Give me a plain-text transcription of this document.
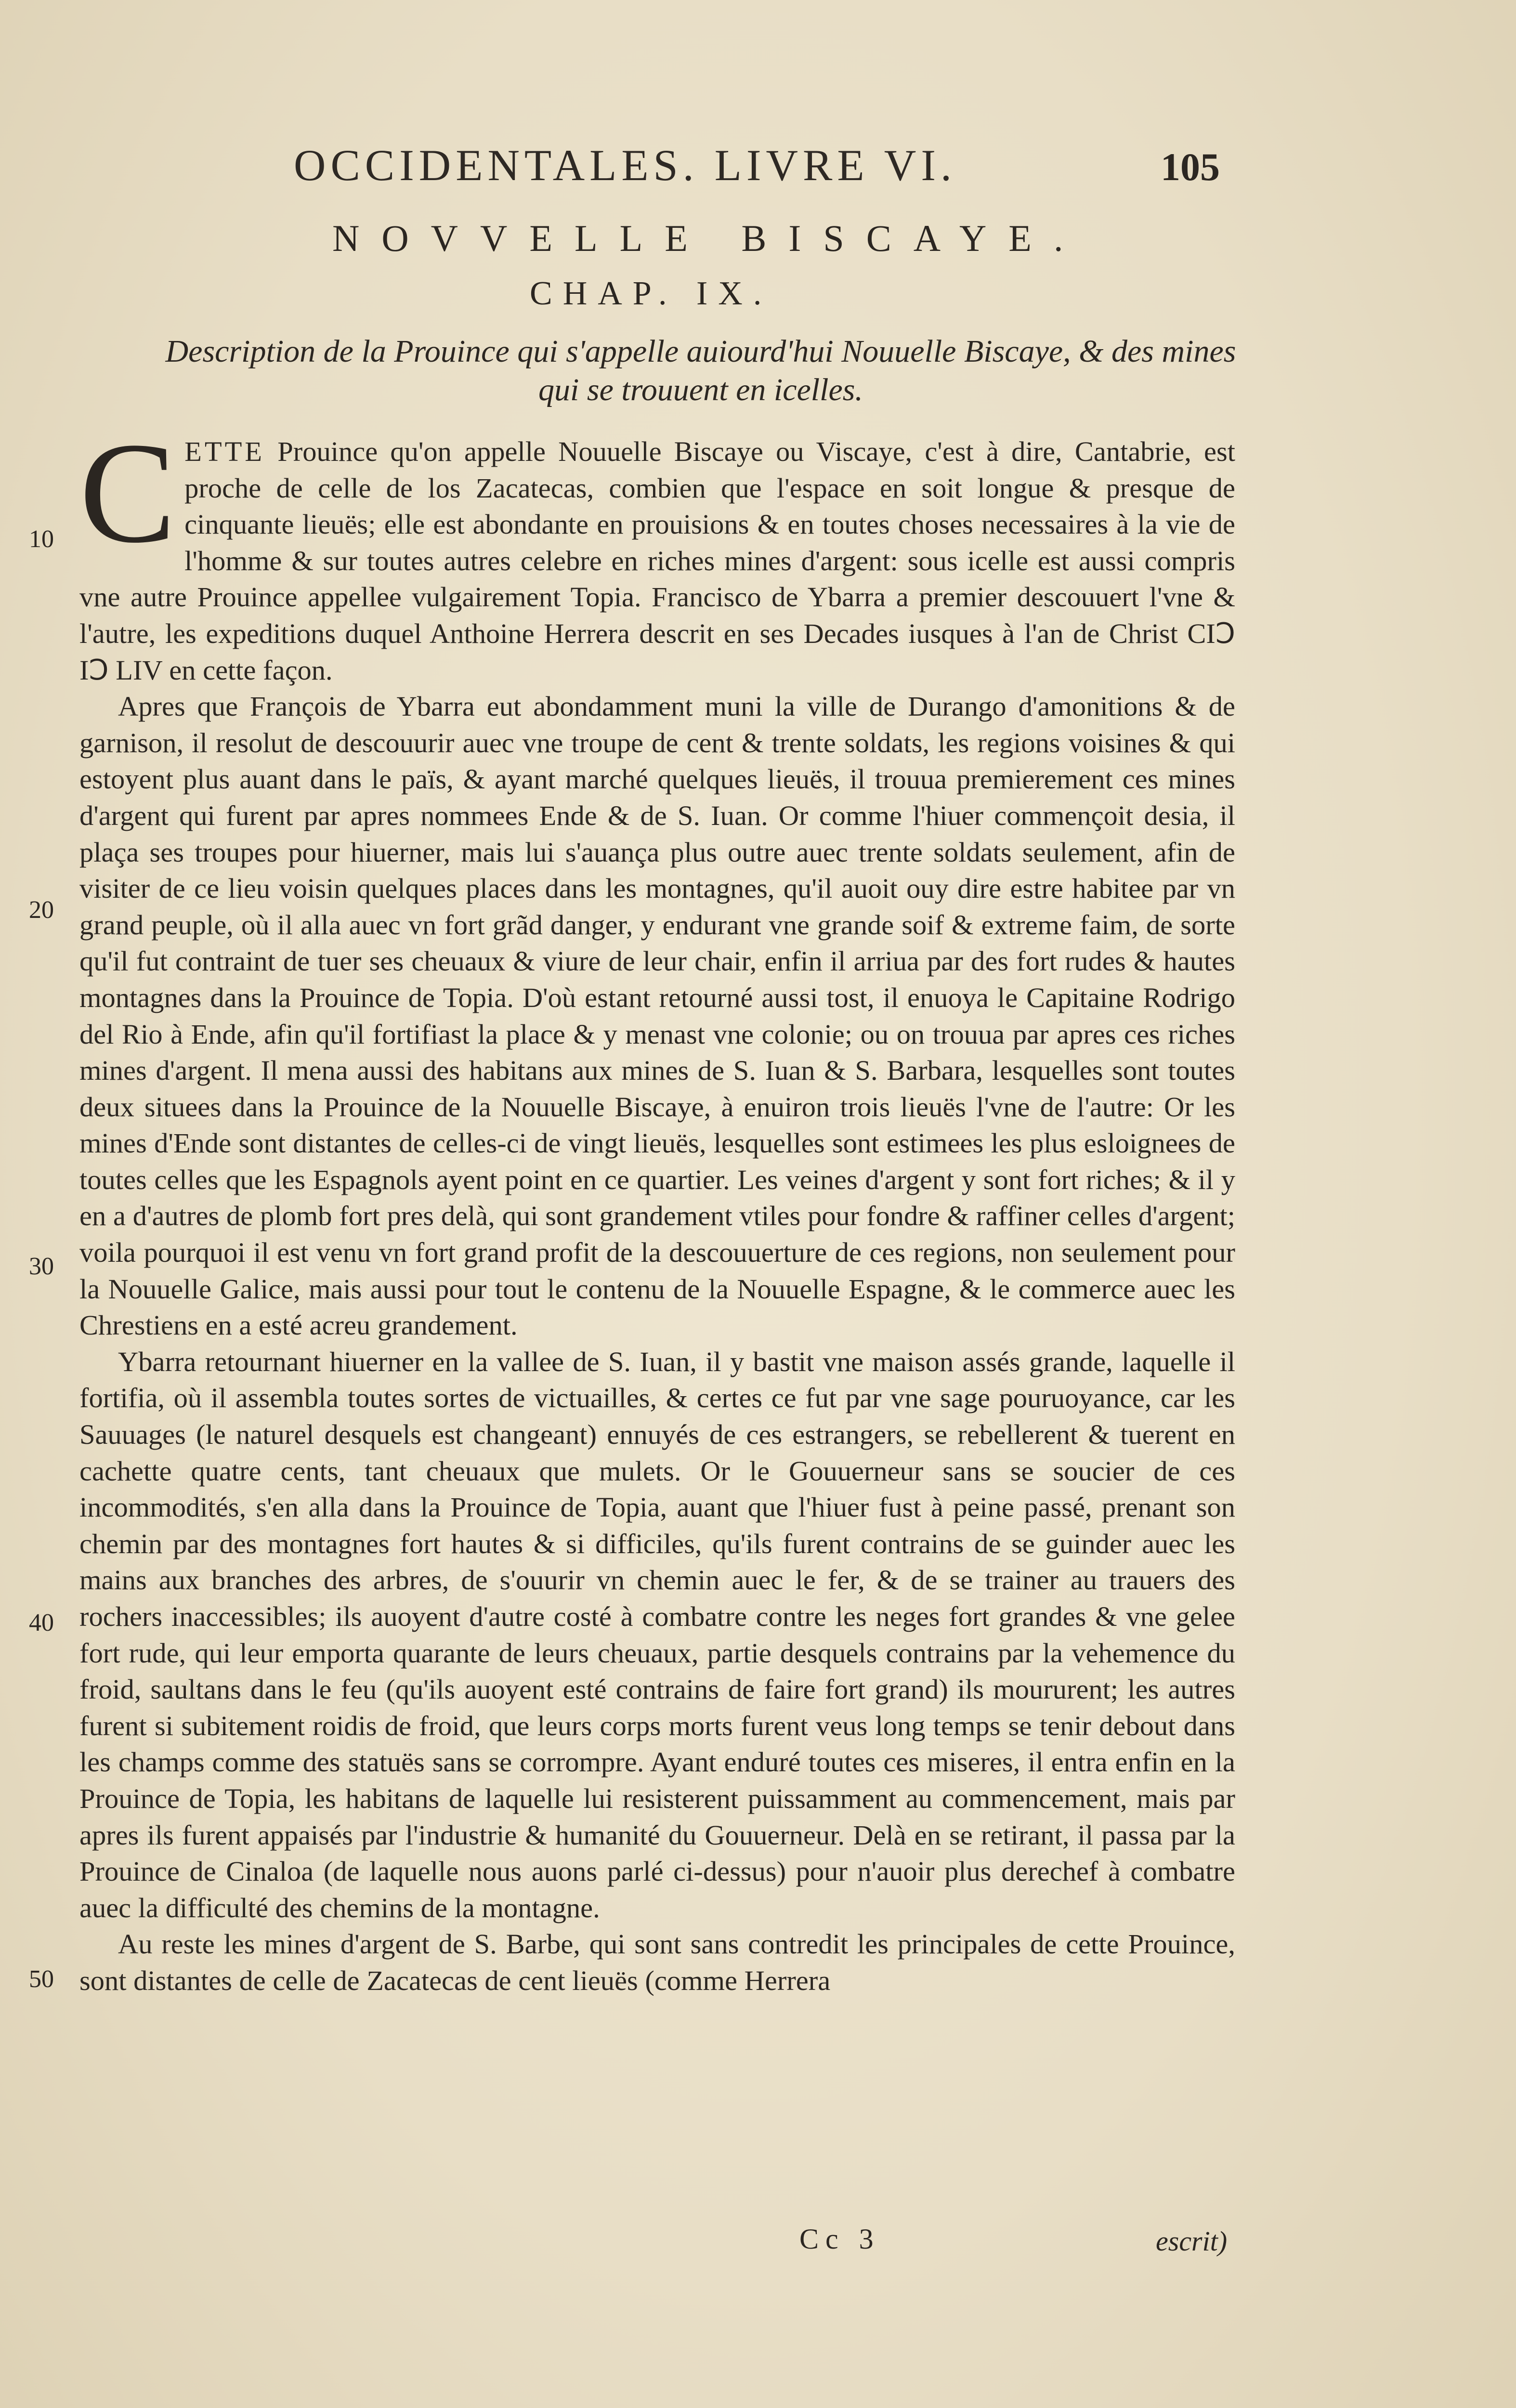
OCCIDENTALES. LIVRE VI.	105
NOVVELLE BISCAYE.
CHAP. IX.
Description de la Prouince qui s'appelle auiourd'hui Nouuelle Biscaye, & des mines qui se trouuent en icelles.

CETTE Prouince qu'on appelle Nouuelle Biscaye ou Viscaye, c'est à dire, Cantabrie, est proche de celle de los Zacatecas, combien que l'espace en soit longue & presque de cinquante lieuës; elle est abondante en prouisions & en toutes choses necessaires à la vie de l'homme & sur toutes autres celebre en riches mines d'argent: sous icelle est aussi compris vne autre Prouince appellee vulgairement Topia. Francisco de Ybarra a premier descouuert l'vne & l'autre, les expeditions duquel Anthoine Herrera descrit en ses Decades iusques à l'an de Christ CIↃ IↃ LIV en cette façon.

Apres que François de Ybarra eut abondamment muni la ville de Durango d'amonitions & de garnison, il resolut de descouurir auec vne troupe de cent & trente soldats, les regions voisines & qui estoyent plus auant dans le païs, & ayant marché quelques lieuës, il trouua premierement ces mines d'argent qui furent par apres nommees Ende & de S. Iuan. Or comme l'hiuer commençoit desia, il plaça ses troupes pour hiuerner, mais lui s'auança plus outre auec trente soldats seulement, afin de visiter de ce lieu voisin quelques places dans les montagnes, qu'il auoit ouy dire estre habitee par vn grand peuple, où il alla auec vn fort grãd danger, y endurant vne grande soif & extreme faim, de sorte qu'il fut contraint de tuer ses cheuaux & viure de leur chair, enfin il arriua par des fort rudes & hautes montagnes dans la Prouince de Topia. D'où estant retourné aussi tost, il enuoya le Capitaine Rodrigo del Rio à Ende, afin qu'il fortifiast la place & y menast vne colonie; ou on trouua par apres ces riches mines d'argent. Il mena aussi des habitans aux mines de S. Iuan & S. Barbara, lesquelles sont toutes deux situees dans la Prouince de la Nouuelle Biscaye, à enuiron trois lieuës l'vne de l'autre: Or les mines d'Ende sont distantes de celles-ci de vingt lieuës, lesquelles sont estimees les plus esloignees de toutes celles que les Espagnols ayent point en ce quartier. Les veines d'argent y sont fort riches; & il y en a d'autres de plomb fort pres delà, qui sont grandement vtiles pour fondre & raffiner celles d'argent; voila pourquoi il est venu vn fort grand profit de la descouuerture de ces regions, non seulement pour la Nouuelle Galice, mais aussi pour tout le contenu de la Nouuelle Espagne, & le commerce auec les Chrestiens en a esté acreu grandement.

Ybarra retournant hiuerner en la vallee de S. Iuan, il y bastit vne maison assés grande, laquelle il fortifia, où il assembla toutes sortes de victuailles, & certes ce fut par vne sage pouruoyance, car les Sauuages (le naturel desquels est changeant) ennuyés de ces estrangers, se rebellerent & tuerent en cachette quatre cents, tant cheuaux que mulets. Or le Gouuerneur sans se soucier de ces incommodités, s'en alla dans la Prouince de Topia, auant que l'hiuer fust à peine passé, prenant son chemin par des montagnes fort hautes & si difficiles, qu'ils furent contrains de se guinder auec les mains aux branches des arbres, de s'ouurir vn chemin auec le fer, & de se trainer au trauers des rochers inaccessibles; ils auoyent d'autre costé à combatre contre les neges fort grandes & vne gelee fort rude, qui leur emporta quarante de leurs cheuaux, partie desquels contrains par la vehemence du froid, saultans dans le feu (qu'ils auoyent esté contrains de faire fort grand) ils moururent; les autres furent si subitement roidis de froid, que leurs corps morts furent veus long temps se tenir debout dans les champs comme des statuës sans se corrompre. Ayant enduré toutes ces miseres, il entra enfin en la Prouince de Topia, les habitans de laquelle lui resisterent puissamment au commencement, mais par apres ils furent appaisés par l'industrie & humanité du Gouuerneur. Delà en se retirant, il passa par la Prouince de Cinaloa (de laquelle nous auons parlé ci-dessus) pour n'auoir plus derechef à combatre auec la difficulté des chemins de la montagne.

Au reste les mines d'argent de S. Barbe, qui sont sans contredit les principales de cette Prouince, sont distantes de celle de Zacatecas de cent lieuës (comme Herrera

10
20
30
40
50
Cc 3	escrit)
